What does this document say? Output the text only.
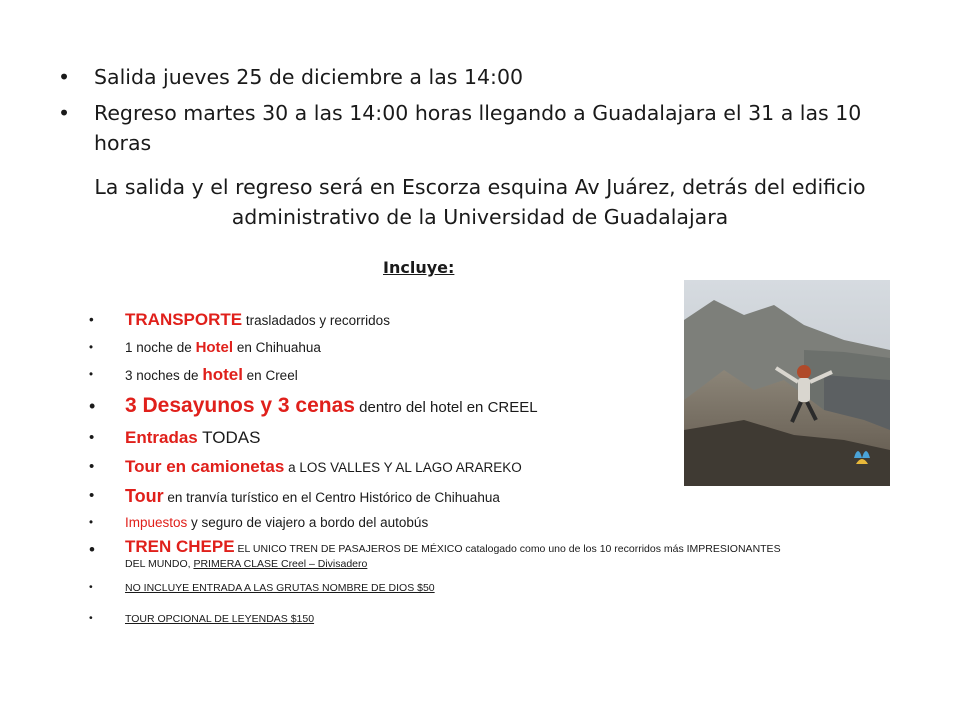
• Salida jueves 25 de diciembre a las 14:00
• Regreso martes 30 a las 14:00 horas llegando a Guadalajara el 31 a las 10 horas
La salida y el regreso será en Escorza esquina Av Juárez, detrás del edificio administrativo de la Universidad de Guadalajara
Incluye:
• TRANSPORTE trasladados y recorridos
• 1 noche de Hotel en Chihuahua
• 3 noches de hotel en Creel
• 3 Desayunos y 3 cenas dentro del hotel en CREEL
• Entradas TODAS
• Tour en camionetas a LOS VALLES Y AL LAGO ARAREKO
• Tour en tranvía turístico en el Centro Histórico de Chihuahua
• Impuestos y seguro de viajero a bordo del autobús
• TREN CHEPE EL UNICO TREN DE PASAJEROS DE MÉXICO catalogado como uno de los 10 recorridos más IMPRESIONANTES DEL MUNDO, PRIMERA CLASE Creel – Divisadero
•	NO INCLUYE ENTRADA A LAS GRUTAS NOMBRE DE DIOS $50
•	TOUR OPCIONAL DE LEYENDAS $150
